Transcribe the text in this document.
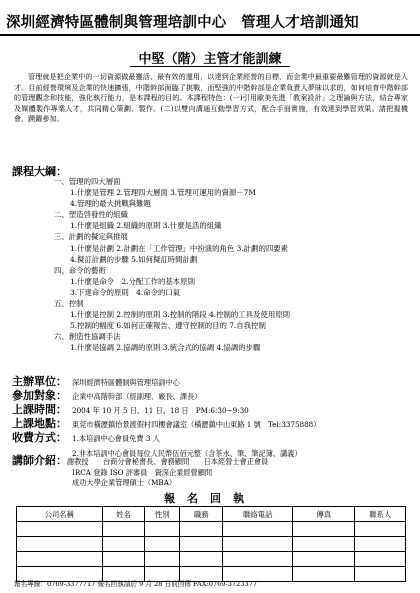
深圳經濟特區體制與管理培訓中心　管理人才培訓通知
中堅（階）主管才能訓練
管理就是把企業中的一切資源做最靈活、最有效的運用，以達到企業經營的目標，而企業中最重要最難管理的資源就是人才。目前經營環境及企業的快速擴張，中階幹部面臨了挑戰，而堅強的中階幹部是企業負責人夢昧以求的，如何培育中階幹部的管理觀念和技能，強化執行能力，是本課程的目的。本課程特色：(一)引用歐美先進「教案設計」之理論與方法，結合專家及媒體製作專業人才，共同精心策劃、製作。(二)以雙向溝通互動學習方式，配合手冊實施，有效達到學習效果。請把握機會，踴躍參加。
課程大綱：
一、管理的四大層面
1.什麼是管理 2.管理四大層面 3.管理可運用的資源－7M
4.管理的最大挑戰與難題
二、塑造啓發性的組織
1.什麼是組織 2.組織的原則 3.什麼是活的組織
三、計劃的擬定與推展
1.什麼是計劃 2.計劃在「工作管理」中扮演的角色 3.計劃的四要素
4.擬訂計劃的步驟 5.如何擬訂時間計劃
四、命令的藝術
1.什麼是命令　2.分配工作的基本原則
3.下達命令的原則　4.命令的口氣
五、控制
1.什麼是控制 2.控制的原則 3.控制的階段 4.控制的工具及使用原則
5.控制的幅度 6.如何正確報告、遵守控制的目的 7.自我控制
六、創造性協調手法
1.什麼是協調 2.協調的原則 3.統合式的協調 4.協調的步驟
主辦單位： 深圳經濟特區體制與管理培訓中心
參加對象： 企業中高階幹部（經副理、廠長、課長）
上課時間： 2004 年 10 月 5 日、11 日、18 日　PM:6:30~9:30
上課地點： 東莞市橫瀝鎮怡景渡假村四樓會議室（橫瀝鎮中山東路 1 號　Tel:3375888）
收費方式： 1.本培訓中心會員免費 3 人
2.非本培訓中心會員每位人民幣伍佰元整（含茶水、筆、筆記簿、講義）
講師介紹：謝教授　　台商分會秘書長、會務顧問　　日本經營士會正會員
IRCA 登錄 ISO 評審員　資深企業經營顧問
成功大學企業管理碩士（MBA）
報名回執
公司名稱	姓名	性別	職務	聯絡電話	傳真	聯系人

報名專線：0769-3377717 報名回執請於 9 月 28 日前回傳 FAX:0769-3723377
